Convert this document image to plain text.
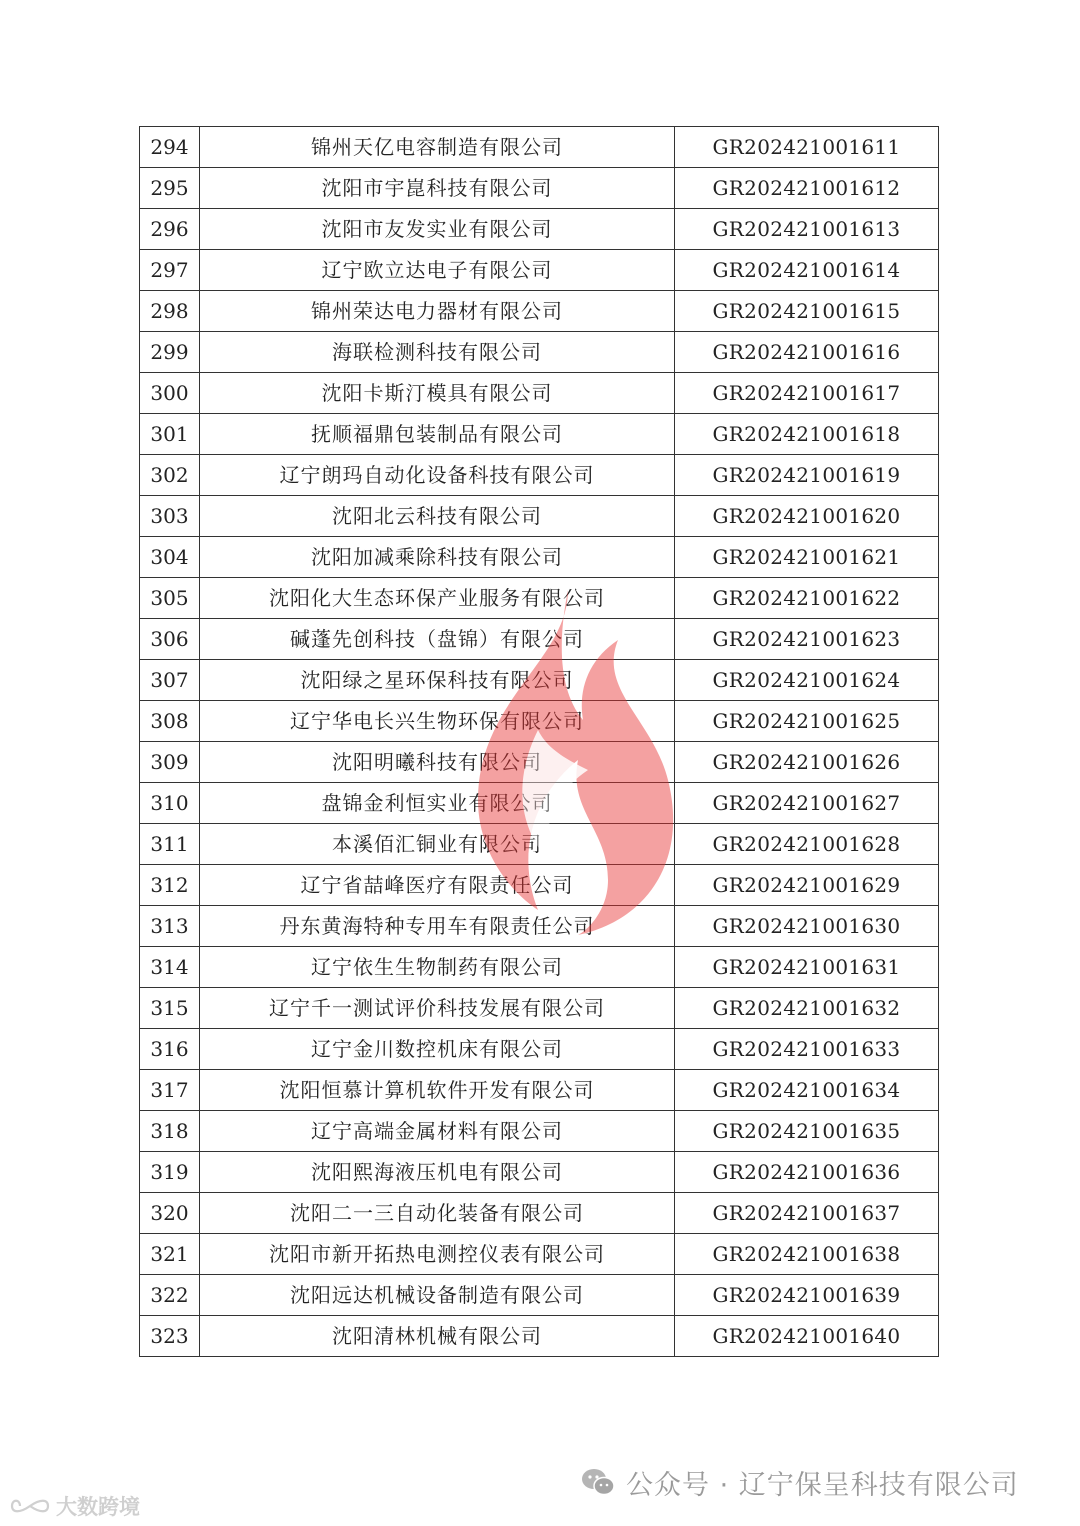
294	锦州天亿电容制造有限公司	GR202421001611
295	沈阳市宇崑科技有限公司	GR202421001612
296	沈阳市友发实业有限公司	GR202421001613
297	辽宁欧立达电子有限公司	GR202421001614
298	锦州荣达电力器材有限公司	GR202421001615
299	海联检测科技有限公司	GR202421001616
300	沈阳卡斯汀模具有限公司	GR202421001617
301	抚顺福鼎包装制品有限公司	GR202421001618
302	辽宁朗玛自动化设备科技有限公司	GR202421001619
303	沈阳北云科技有限公司	GR202421001620
304	沈阳加减乘除科技有限公司	GR202421001621
305	沈阳化大生态环保产业服务有限公司	GR202421001622
306	碱蓬先创科技（盘锦）有限公司	GR202421001623
307	沈阳绿之星环保科技有限公司	GR202421001624
308	辽宁华电长兴生物环保有限公司	GR202421001625
309	沈阳明曦科技有限公司	GR202421001626
310	盘锦金利恒实业有限公司	GR202421001627
311	本溪佰汇铜业有限公司	GR202421001628
312	辽宁省喆峰医疗有限责任公司	GR202421001629
313	丹东黄海特种专用车有限责任公司	GR202421001630
314	辽宁依生生物制药有限公司	GR202421001631
315	辽宁千一测试评价科技发展有限公司	GR202421001632
316	辽宁金川数控机床有限公司	GR202421001633
317	沈阳恒慕计算机软件开发有限公司	GR202421001634
318	辽宁高端金属材料有限公司	GR202421001635
319	沈阳熙海液压机电有限公司	GR202421001636
320	沈阳二一三自动化装备有限公司	GR202421001637
321	沈阳市新开拓热电测控仪表有限公司	GR202421001638
322	沈阳远达机械设备制造有限公司	GR202421001639
323	沈阳清林机械有限公司	GR202421001640
公众号 · 辽宁保呈科技有限公司
大数跨境
